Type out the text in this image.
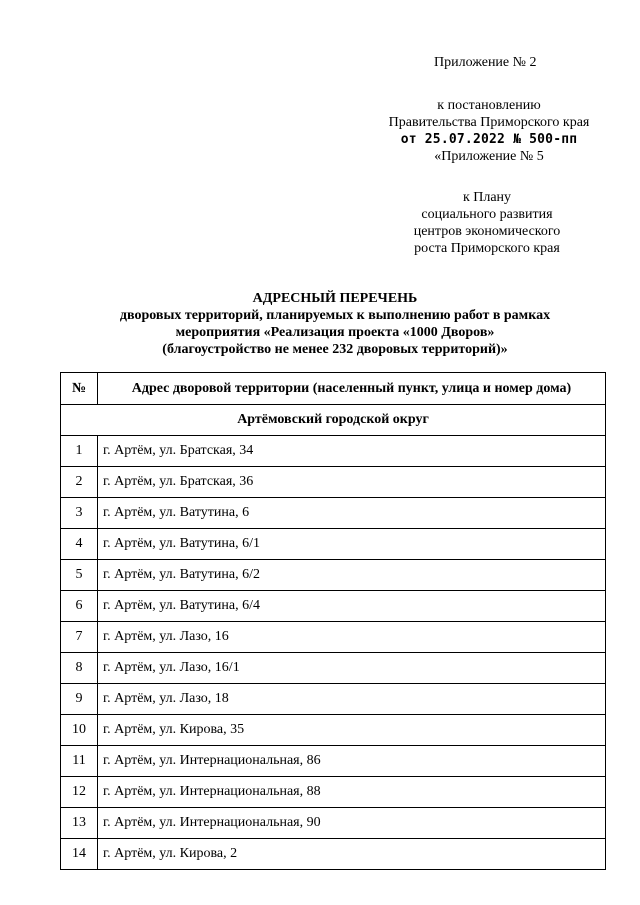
Приложение № 2
к постановлению
Правительства Приморского края
от 25.07.2022 № 500-пп
«Приложение № 5
к Плану
социального развития
центров экономического
роста Приморского края
АДРЕСНЫЙ ПЕРЕЧЕНЬ
дворовых территорий, планируемых к выполнению работ в рамках
мероприятия «Реализация проекта «1000 Дворов»
(благоустройство не менее 232 дворовых территорий)»
№	Адрес дворовой территории (населенный пункт, улица и номер дома)
Артёмовский городской округ	
1	г. Артём, ул. Братская, 34
2	г. Артём, ул. Братская, 36
3	г. Артём, ул. Ватутина, 6
4	г. Артём, ул. Ватутина, 6/1
5	г. Артём, ул. Ватутина, 6/2
6	г. Артём, ул. Ватутина, 6/4
7	г. Артём, ул. Лазо, 16
8	г. Артём, ул. Лазо, 16/1
9	г. Артём, ул. Лазо, 18
10	г. Артём, ул. Кирова, 35
11	г. Артём, ул. Интернациональная, 86
12	г. Артём, ул. Интернациональная, 88
13	г. Артём, ул. Интернациональная, 90
14	г. Артём, ул. Кирова, 2
